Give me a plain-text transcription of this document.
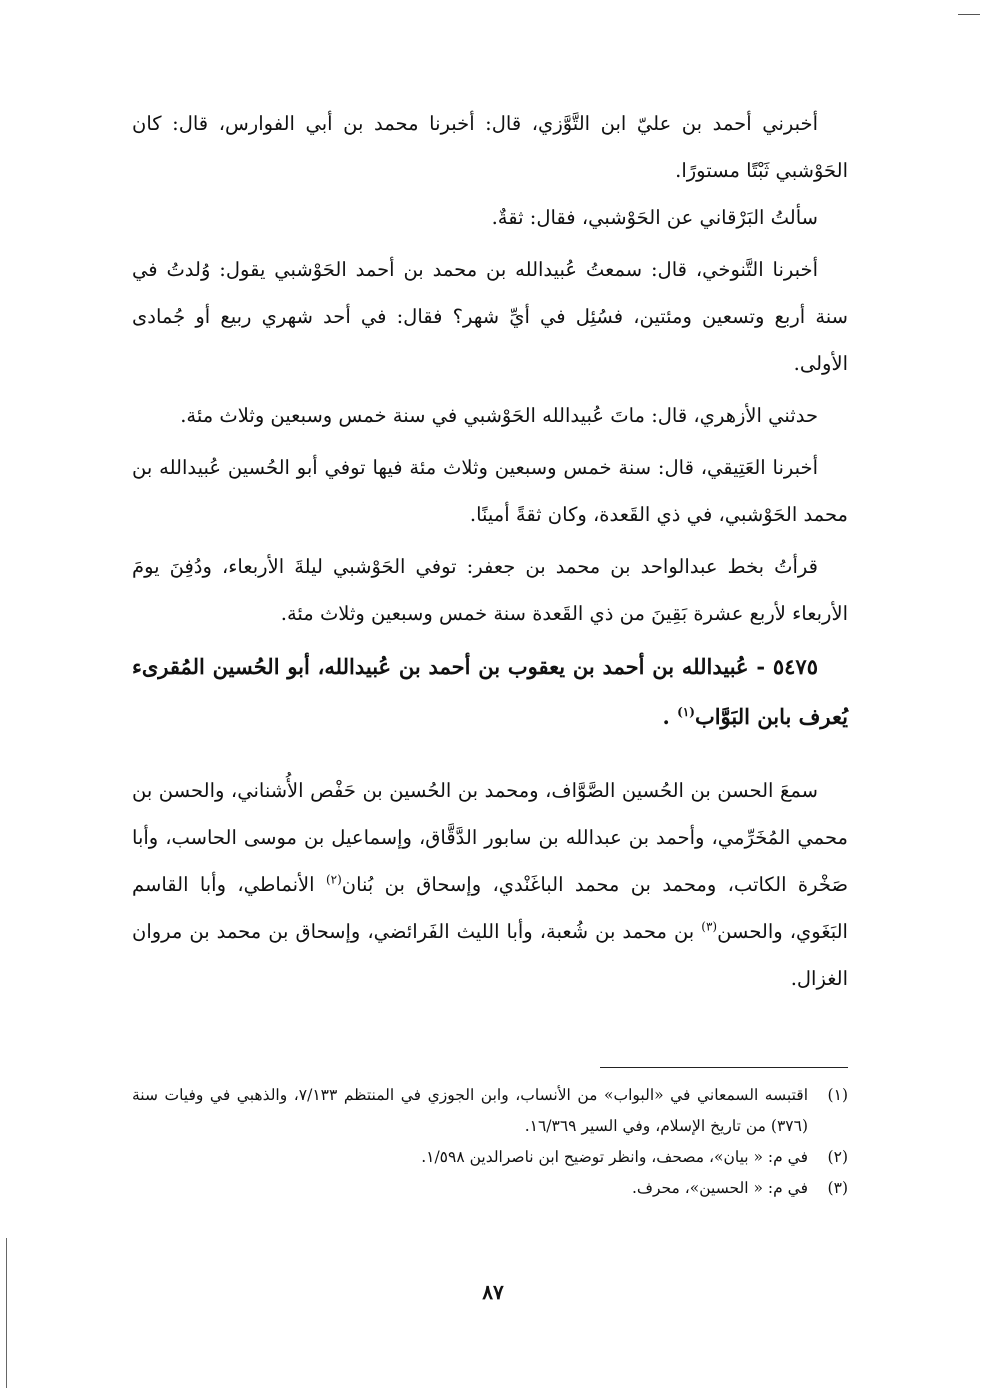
أخبرني أحمد بن عليّ ابن التَّوَّزي، قال: أخبرنا محمد بن أبي الفوارس، قال: كان الحَوْشبي ثَبْتًا مستورًا.

سألتُ البَرْقاني عن الحَوْشبي، فقال: ثقةٌ.

أخبرنا التَّنوخي، قال: سمعتُ عُبيدالله بن محمد بن أحمد الحَوْشبي يقول: وُلدتُ في سنة أربع وتسعين ومئتين، فسُئِل في أيِّ شهر؟ فقال: في أحد شهري ربيع أو جُمادى الأولى.

حدثني الأزهري، قال: ماتَ عُبيدالله الحَوْشبي في سنة خمس وسبعين وثلاث مئة.

أخبرنا العَتِيقي، قال: سنة خمس وسبعين وثلاث مئة فيها توفي أبو الحُسين عُبيدالله بن محمد الحَوْشبي، في ذي القَعدة، وكان ثقةً أمينًا.

قرأتُ بخط عبدالواحد بن محمد بن جعفر: توفي الحَوْشبي ليلةَ الأربعاء، ودُفِنَ يومَ الأربعاء لأربع عشرة بَقِينَ من ذي القَعدة سنة خمس وسبعين وثلاث مئة.

٥٤٧٥ - عُبيدالله بن أحمد بن يعقوب بن أحمد بن عُبيدالله، أبو الحُسين المُقرىء يُعرف بابن البَوَّاب$^{(١)}$ .

سمعَ الحسن بن الحُسين الصَّوَّاف، ومحمد بن الحُسين بن حَفْص الأُشناني، والحسن بن محمي المُخَرِّمي، وأحمد بن عبدالله بن سابور الدَّقَّاق، وإسماعيل بن موسى الحاسب، وأبا صَخْرة الكاتب، ومحمد بن محمد الباغَنْدي، وإسحاق بن بُنان$^{(٢)}$ الأنماطي، وأبا القاسم البَغَوي، والحسن$^{(٣)}$ بن محمد بن شُعبة، وأبا الليث الفَرائضي، وإسحاق بن محمد بن مروان الغزال.

(١)
اقتبسه السمعاني في «البواب» من الأنساب، وابن الجوزي في المنتظم ٧/١٣٣، والذهبي في وفيات سنة (٣٧٦) من تاريخ الإسلام، وفي السير ١٦/٣٦٩.
(٢)
في م: « بيان»، مصحف، وانظر توضيح ابن ناصرالدين ١/٥٩٨.
(٣)
في م: « الحسين»، محرف.
٨٧
